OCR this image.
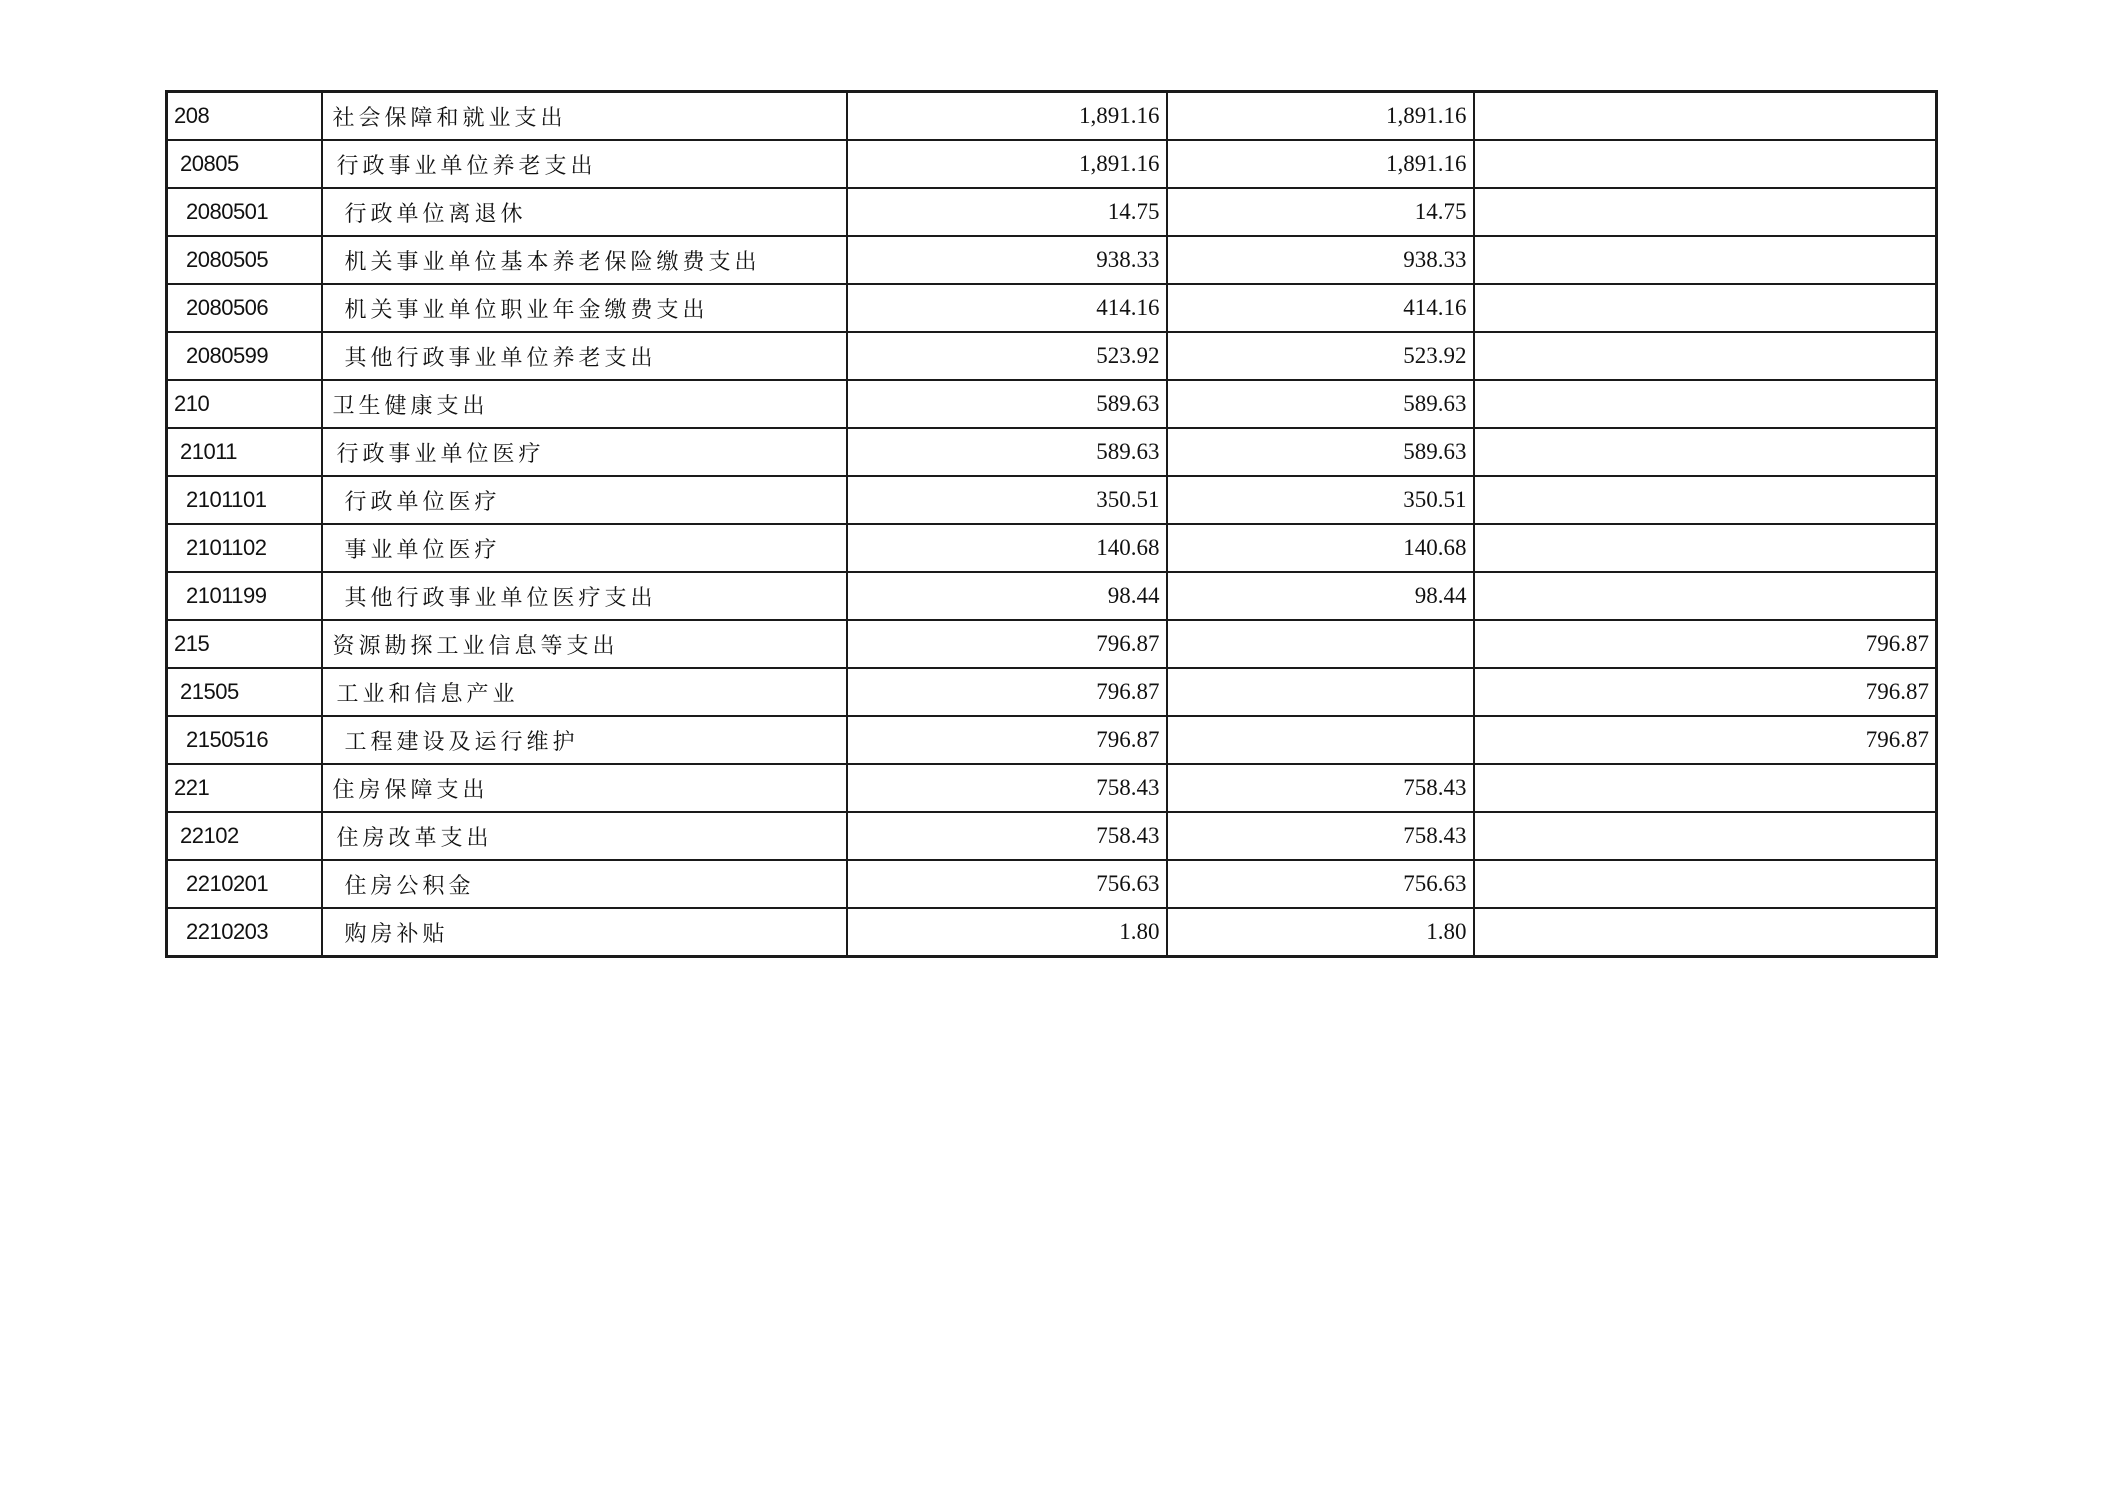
208	社会保障和就业支出	1,891.16	1,891.16	
20805	行政事业单位养老支出	1,891.16	1,891.16	
2080501	行政单位离退休	14.75	14.75	
2080505	机关事业单位基本养老保险缴费支出	938.33	938.33	
2080506	机关事业单位职业年金缴费支出	414.16	414.16	
2080599	其他行政事业单位养老支出	523.92	523.92	
210	卫生健康支出	589.63	589.63	
21011	行政事业单位医疗	589.63	589.63	
2101101	行政单位医疗	350.51	350.51	
2101102	事业单位医疗	140.68	140.68	
2101199	其他行政事业单位医疗支出	98.44	98.44	
215	资源勘探工业信息等支出	796.87		796.87
21505	工业和信息产业	796.87		796.87
2150516	工程建设及运行维护	796.87		796.87
221	住房保障支出	758.43	758.43	
22102	住房改革支出	758.43	758.43	
2210201	住房公积金	756.63	756.63	
2210203	购房补贴	1.80	1.80	
